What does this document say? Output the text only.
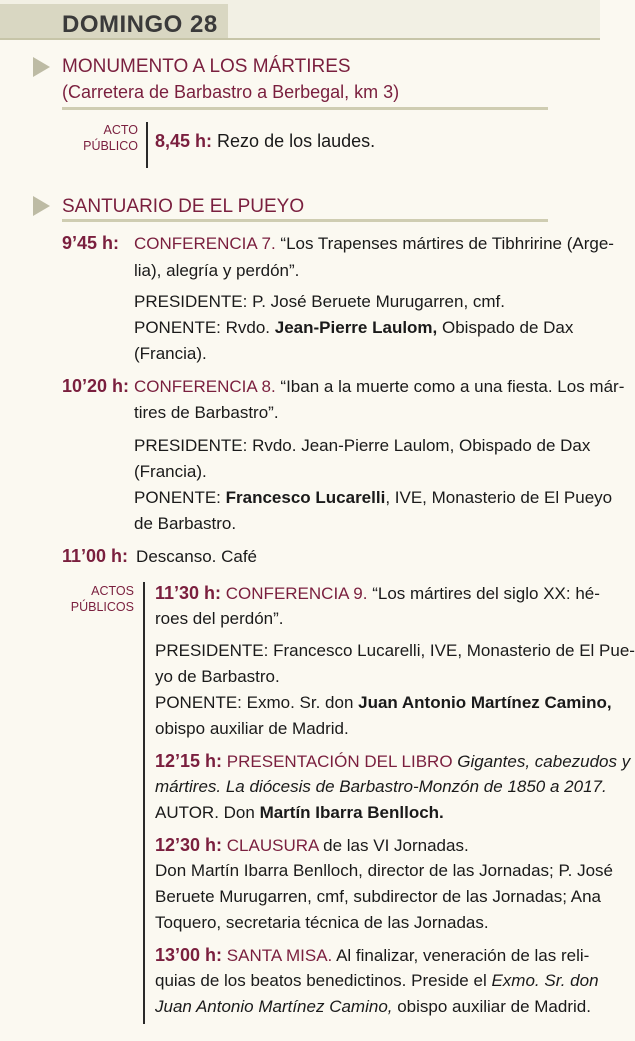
DOMINGO 28
MONUMENTO A LOS MÁRTIRES
(Carretera de Barbastro a Berbegal, km 3)
ACTO
PÚBLICO 8,45 h: Rezo de los laudes.
SANTUARIO DE EL PUEYO
9’45 h: CONFERENCIA 7. “Los Trapenses mártires de Tibhririne (Arge-
lia), alegría y perdón”.
PRESIDENTE: P. José Beruete Murugarren, cmf.
PONENTE: Rvdo. Jean-Pierre Laulom, Obispado de Dax
(Francia).
10’20 h: CONFERENCIA 8. “Iban a la muerte como a una fiesta. Los már-
tires de Barbastro”.
PRESIDENTE: Rvdo. Jean-Pierre Laulom, Obispado de Dax
(Francia).
PONENTE: Francesco Lucarelli, IVE, Monasterio de El Pueyo
de Barbastro.
11’00 h: Descanso. Café
ACTOS
PÚBLICOS
11’30 h: CONFERENCIA 9. “Los mártires del siglo XX: hé-
roes del perdón”.
PRESIDENTE: Francesco Lucarelli, IVE, Monasterio de El Pue-
yo de Barbastro.
PONENTE: Exmo. Sr. don Juan Antonio Martínez Camino,
obispo auxiliar de Madrid.
12’15 h: PRESENTACIÓN DEL LIBRO Gigantes, cabezudos y
mártires. La diócesis de Barbastro-Monzón de 1850 a 2017.
AUTOR. Don Martín Ibarra Benlloch.
12’30 h: CLAUSURA de las VI Jornadas.
Don Martín Ibarra Benlloch, director de las Jornadas; P. José
Beruete Murugarren, cmf, subdirector de las Jornadas; Ana
Toquero, secretaria técnica de las Jornadas.
13’00 h: SANTA MISA. Al finalizar, veneración de las reli-
quias de los beatos benedictinos. Preside el Exmo. Sr. don
Juan Antonio Martínez Camino, obispo auxiliar de Madrid.
